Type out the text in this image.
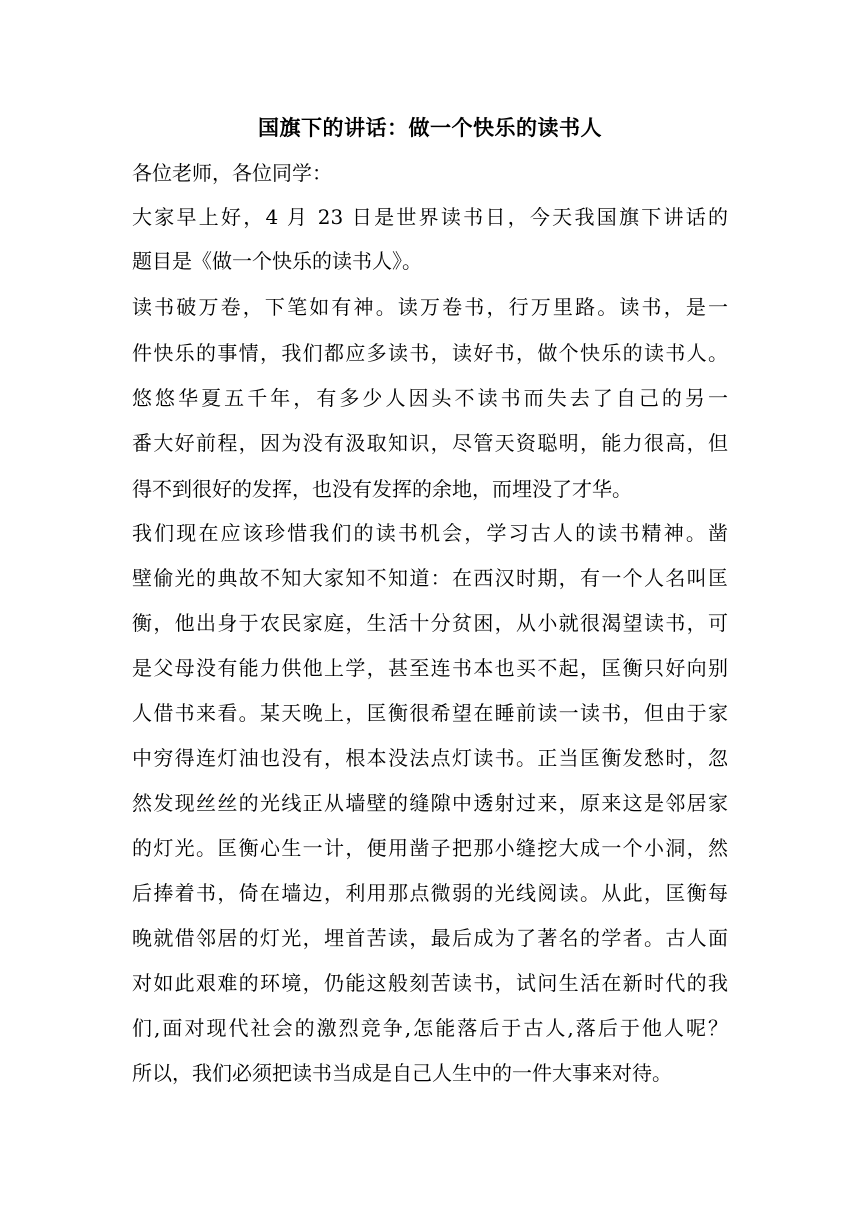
国旗下的讲话：做一个快乐的读书人
各位老师，各位同学：
大家早上好，4 月 23 日是世界读书日，今天我国旗下讲话的
题目是《做一个快乐的读书人》。
读书破万卷，下笔如有神。读万卷书，行万里路。读书，是一
件快乐的事情，我们都应多读书，读好书，做个快乐的读书人。
悠悠华夏五千年，有多少人因头不读书而失去了自己的另一
番大好前程，因为没有汲取知识，尽管天资聪明，能力很高，但
得不到很好的发挥，也没有发挥的余地，而埋没了才华。
我们现在应该珍惜我们的读书机会，学习古人的读书精神。凿
壁偷光的典故不知大家知不知道：在西汉时期，有一个人名叫匡
衡，他出身于农民家庭，生活十分贫困，从小就很渴望读书，可
是父母没有能力供他上学，甚至连书本也买不起，匡衡只好向别
人借书来看。某天晚上，匡衡很希望在睡前读一读书，但由于家
中穷得连灯油也没有，根本没法点灯读书。正当匡衡发愁时，忽
然发现丝丝的光线正从墙壁的缝隙中透射过来，原来这是邻居家
的灯光。匡衡心生一计，便用凿子把那小缝挖大成一个小洞，然
后捧着书，倚在墙边，利用那点微弱的光线阅读。从此，匡衡每
晚就借邻居的灯光，埋首苦读，最后成为了著名的学者。古人面
对如此艰难的环境，仍能这般刻苦读书，试问生活在新时代的我
们,面对现代社会的激烈竞争,怎能落后于古人,落后于他人呢？
所以，我们必须把读书当成是自己人生中的一件大事来对待。
